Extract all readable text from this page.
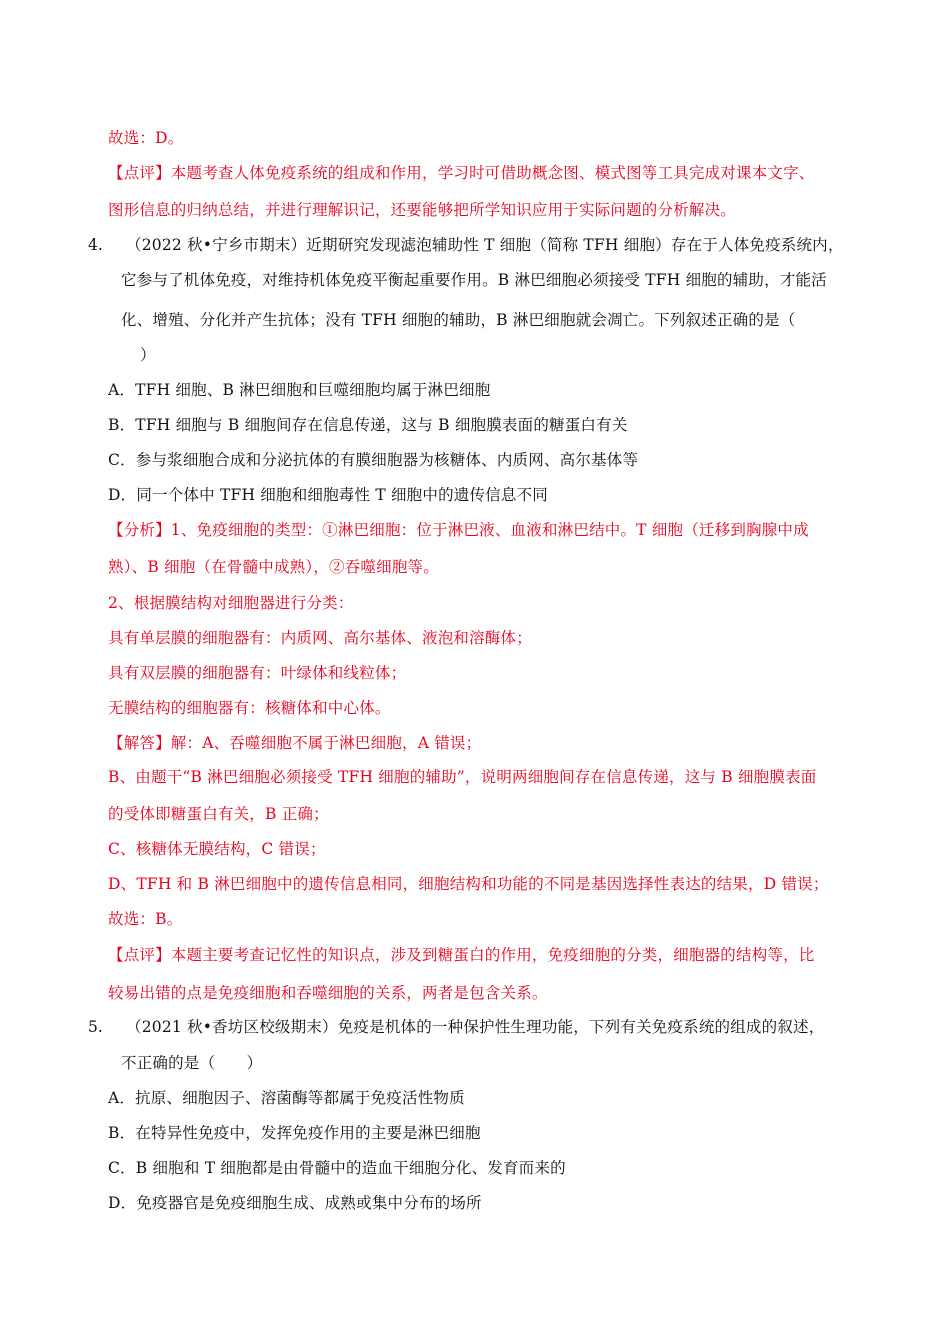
故选：D。
【点评】本题考查人体免疫系统的组成和作用，学习时可借助概念图、模式图等工具完成对课本文字、
图形信息的归纳总结，并进行理解识记，还要能够把所学知识应用于实际问题的分析解决。
4. （2022 秋•宁乡市期末）近期研究发现滤泡辅助性 T 细胞（简称 TFH 细胞）存在于人体免疫系统内，
它参与了机体免疫，对维持机体免疫平衡起重要作用。B 淋巴细胞必须接受 TFH 细胞的辅助，才能活
化、增殖、分化并产生抗体；没有 TFH 细胞的辅助，B 淋巴细胞就会凋亡。下列叙述正确的是（
）
A．TFH 细胞、B 淋巴细胞和巨噬细胞均属于淋巴细胞
B．TFH 细胞与 B 细胞间存在信息传递，这与 B 细胞膜表面的糖蛋白有关
C．参与浆细胞合成和分泌抗体的有膜细胞器为核糖体、内质网、高尔基体等
D．同一个体中 TFH 细胞和细胞毒性 T 细胞中的遗传信息不同
【分析】1、免疫细胞的类型：①淋巴细胞：位于淋巴液、血液和淋巴结中。T 细胞（迁移到胸腺中成
熟）、B 细胞（在骨髓中成熟），②吞噬细胞等。
2、根据膜结构对细胞器进行分类：
具有单层膜的细胞器有：内质网、高尔基体、液泡和溶酶体；
具有双层膜的细胞器有：叶绿体和线粒体；
无膜结构的细胞器有：核糖体和中心体。
【解答】解：A、吞噬细胞不属于淋巴细胞，A 错误；
B、由题干“B 淋巴细胞必须接受 TFH 细胞的辅助”，说明两细胞间存在信息传递，这与 B 细胞膜表面
的受体即糖蛋白有关，B 正确；
C、核糖体无膜结构，C 错误；
D、TFH 和 B 淋巴细胞中的遗传信息相同，细胞结构和功能的不同是基因选择性表达的结果，D 错误；
故选：B。
【点评】本题主要考查记忆性的知识点，涉及到糖蛋白的作用，免疫细胞的分类，细胞器的结构等，比
较易出错的点是免疫细胞和吞噬细胞的关系，两者是包含关系。
5. （2021 秋•香坊区校级期末）免疫是机体的一种保护性生理功能，下列有关免疫系统的组成的叙述，
不正确的是（　　）
A．抗原、细胞因子、溶菌酶等都属于免疫活性物质
B．在特异性免疫中，发挥免疫作用的主要是淋巴细胞
C．B 细胞和 T 细胞都是由骨髓中的造血干细胞分化、发育而来的
D．免疫器官是免疫细胞生成、成熟或集中分布的场所
